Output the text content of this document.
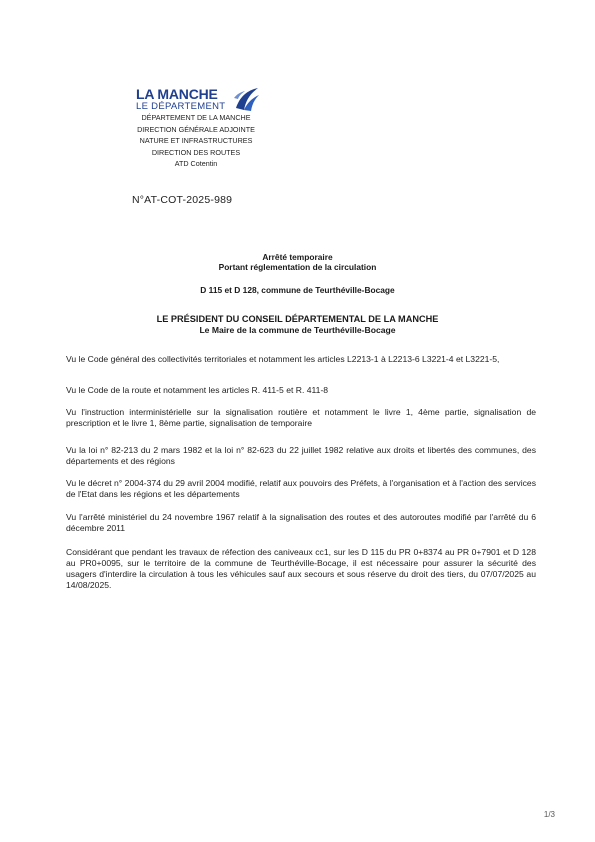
LA MANCHE
LE DÉPARTEMENT
DÉPARTEMENT DE LA MANCHE
DIRECTION GÉNÉRALE ADJOINTE
NATURE ET INFRASTRUCTURES
DIRECTION DES ROUTES
ATD Cotentin
N°AT-COT-2025-989
Arrêté temporaire
Portant réglementation de la circulation
D 115 et D 128, commune de Teurthéville-Bocage
LE PRÉSIDENT DU CONSEIL DÉPARTEMENTAL DE LA MANCHE
Le Maire de la commune de Teurthéville-Bocage

Vu le Code général des collectivités territoriales et notamment les articles L2213-1 à L2213-6 L3221-4 et L3221-5,

Vu le Code de la route et notamment les articles R. 411-5 et R. 411-8

Vu l'instruction interministérielle sur la signalisation routière et notamment le livre 1, 4ème partie, signalisation de prescription et le livre 1, 8ème partie, signalisation de temporaire

Vu la loi n° 82-213 du 2 mars 1982 et la loi n° 82-623 du 22 juillet 1982 relative aux droits et libertés des communes, des départements et des régions

Vu le décret n° 2004-374 du 29 avril 2004 modifié, relatif aux pouvoirs des Préfets, à l'organisation et à l'action des services de l'Etat dans les régions et les départements

Vu l'arrêté ministériel du 24 novembre 1967 relatif à la signalisation des routes et des autoroutes modifié par l'arrêté du 6 décembre 2011

Considérant que pendant les travaux de réfection des caniveaux cc1, sur les D 115 du PR 0+8374 au PR 0+7901 et D 128 au PR0+0095, sur le territoire de la commune de Teurthéville-Bocage, il est nécessaire pour assurer la sécurité des usagers d'interdire la circulation à tous les véhicules sauf aux secours et sous réserve du droit des tiers, du 07/07/2025 au 14/08/2025.

1/3
